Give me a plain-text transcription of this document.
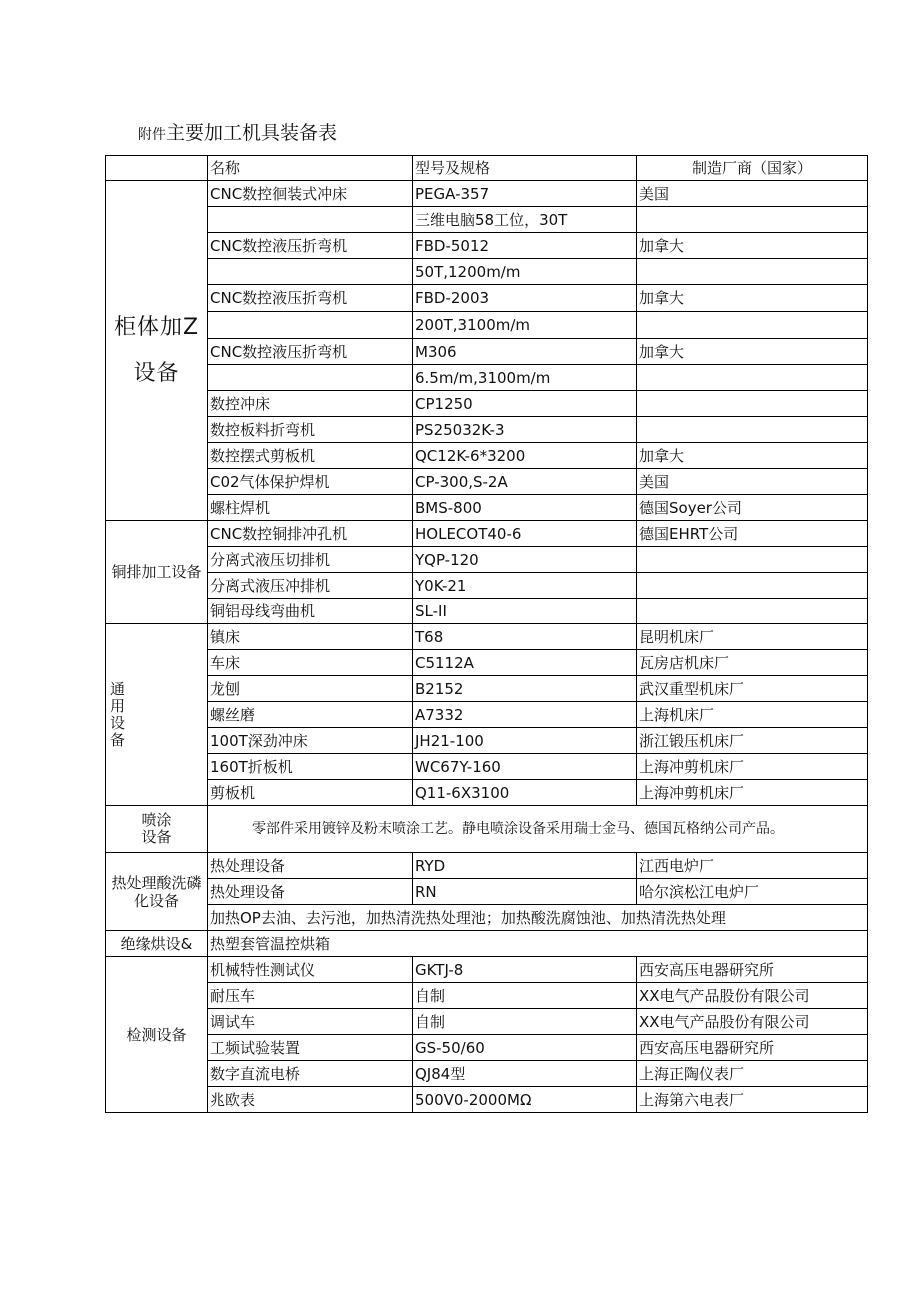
附件主要加工机具装备表
	名称	型号及规格	制造厂商（国家）
柜体加Z设备	CNC数控徊装式冲床	PEGA-357	美国
		三维电脑58工位，30T	
	CNC数控液压折弯机	FBD-5012	加拿大
		50T,1200m∕m	
	CNC数控液压折弯机	FBD-2003	加拿大
		200T,3100m∕m	
	CNC数控液压折弯机	M306	加拿大
		6.5m∕m,3100m∕m	
	数控冲床	CP1250	
	数控板料折弯机	PS25032K-3	
	数控摆式剪板机	QC12K-6*3200	加拿大
	C02气体保护焊机	CP-300,S-2A	美国
	螺柱焊机	BMS-800	德国Soyer公司
铜排加工设备	CNC数控铜排冲孔机	HOLECOT40-6	德国EHRT公司
	分离式液压切排机	YQP-120	
	分离式液压冲排机	Y0K-21	
	铜铝母线弯曲机	SL-II	
通用设备	镇床	T68	昆明机床厂
	车床	C5112A	瓦房店机床厂
	龙刨	B2152	武汉重型机床厂
	螺丝磨	A7332	上海机床厂
	100T深劲冲床	JH21-100	浙江锻压机床厂
	160T折板机	WC67Y-160	上海冲剪机床厂
	剪板机	Q11-6X3100	上海冲剪机床厂
喷涂设备	零部件采用镀锌及粉末喷涂工艺。静电喷涂设备采用瑞士金马、德国瓦格纳公司产品。		
热处理酸洗磷化设备	热处理设备	RYD	江西电炉厂
	热处理设备	RN	哈尔滨松江电炉厂
	加热OP去油、去污池，加热清洗热处理池；加热酸洗腐蚀池、加热清洗热处理		
绝缘烘设&	热塑套管温控烘箱		
检测设备	机械特性测试仪	GKTJ-8	西安高压电器研究所
	耐压车	自制	XX电气产品股份有限公司
	调试车	自制	XX电气产品股份有限公司
	工频试验装置	GS-50/60	西安高压电器研究所
	数字直流电桥	QJ84型	上海正陶仪表厂
	兆欧表	500V0-2000MΩ	上海第六电表厂
